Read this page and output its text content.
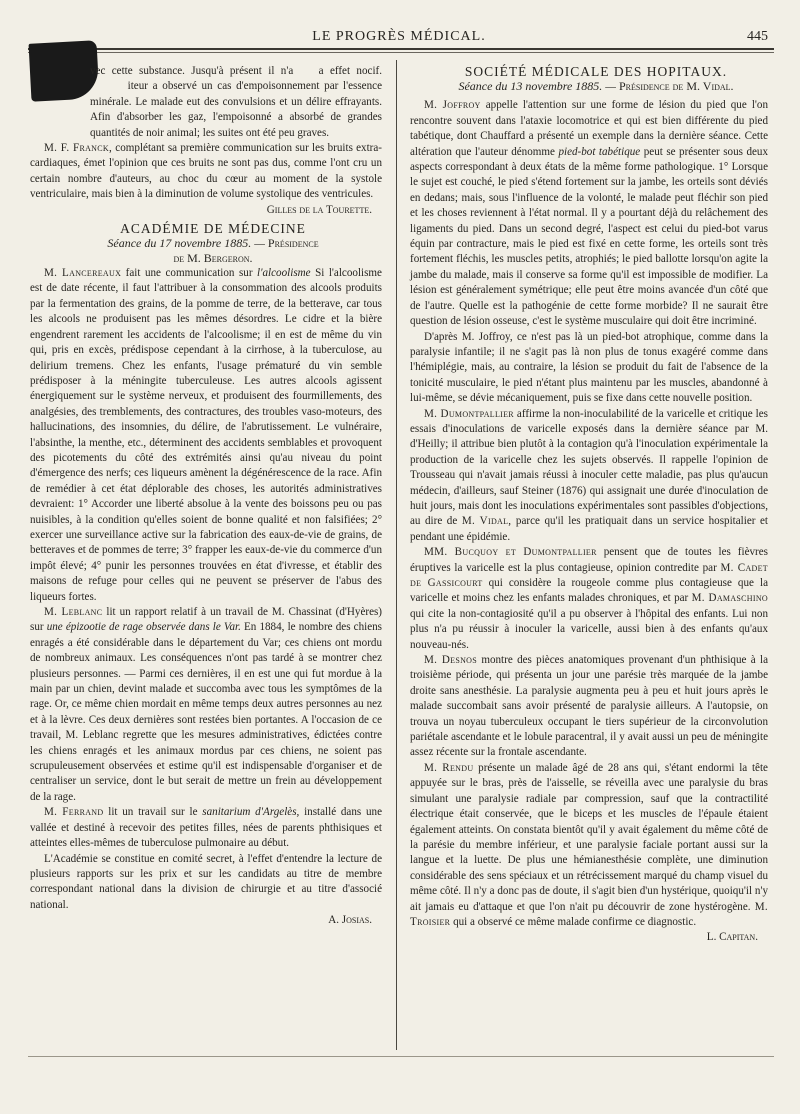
LE PROGRÈS MÉDICAL.	445

vec cette substance. Jusqu'à présent il n'a    a effet nocif.         iteur a observé un cas d'empoisonnement par l'essence minérale. Le malade eut des convulsions et un délire effrayants. Afin d'absorber les gaz, l'empoisonné a absorbé de grandes quantités de noir animal; les suites ont été peu graves.

M. F. Franck, complétant sa première communication sur les bruits extra-cardiaques, émet l'opinion que ces bruits ne sont pas dus, comme l'ont cru un certain nombre d'auteurs, au choc du cœur au moment de la systole ventriculaire, mais bien à la diminution de volume systolique des ventricules.
Gilles de la Tourette.

ACADÉMIE DE MÉDECINE

Séance du 17 novembre 1885. — Présidence

de M. Bergeron.

M. Lancereaux fait une communication sur l'alcoolisme Si l'alcoolisme est de date récente, il faut l'attribuer à la consommation des alcools produits par la fermentation des grains, de la pomme de terre, de la betterave, car tous les alcools ne produisent pas les mêmes désordres. Le cidre et la bière engendrent rarement les accidents de l'alcoolisme; il en est de même du vin qui, pris en excès, prédispose cependant à la cirrhose, à la tuberculose, au delirium tremens. Chez les enfants, l'usage prématuré du vin semble prédisposer à la méningite tuberculeuse. Les autres alcools agissent énergiquement sur le système nerveux, et produisent des fourmillements, des analgésies, des tremblements, des contractures, des troubles vaso-moteurs, des hallucinations, des insomnies, du délire, de l'abrutissement. Le vulnéraire, l'absinthe, la menthe, etc., déterminent des accidents semblables et provoquent des picotements du côté des extrémités ainsi qu'au niveau du point d'émergence des nerfs; ces liqueurs amènent la dégénérescence de la race. Afin de remédier à cet état déplorable des choses, les autorités administratives devraient: 1° Accorder une liberté absolue à la vente des boissons peu ou pas nuisibles, à la condition qu'elles soient de bonne qualité et non falsifiées; 2° exercer une surveillance active sur la fabrication des eaux-de-vie de grains, de betteraves et de pommes de terre; 3° frapper les eaux-de-vie du commerce d'un impôt élevé; 4° punir les personnes trouvées en état d'ivresse, et établir des maisons de refuge pour celles qui ne peuvent se préserver de l'abus des liqueurs fortes.

M. Leblanc lit un rapport relatif à un travail de M. Chassinat (d'Hyères) sur une épizootie de rage observée dans le Var. En 1884, le nombre des chiens enragés a été considérable dans le département du Var; ces chiens ont mordu de nombreux animaux. Les conséquences n'ont pas tardé à se montrer chez plusieurs personnes. — Parmi ces dernières, il en est une qui fut mordue à la main par un chien, devint malade et succomba avec tous les symptômes de la rage. Or, ce même chien mordait en même temps deux autres personnes au nez et à la lèvre. Ces deux dernières sont restées bien portantes. A l'occasion de ce travail, M. Leblanc regrette que les mesures administratives, édictées contre les chiens enragés et les animaux mordus par ces chiens, ne soient pas scrupuleusement observées et estime qu'il est indispensable d'organiser et de centraliser un service, dont le but serait de mettre un frein au développement de la rage.

M. Ferrand lit un travail sur le sanitarium d'Argelès, installé dans une vallée et destiné à recevoir des petites filles, nées de parents phthisiques et atteintes elles-mêmes de tuberculose pulmonaire au début.

L'Académie se constitue en comité secret, à l'effet d'entendre la lecture de plusieurs rapports sur les prix et sur les candidats au titre de membre correspondant national dans la division de chirurgie et au titre d'associé national.

A. Josias.

SOCIÉTÉ MÉDICALE DES HOPITAUX.

Séance du 13 novembre 1885. — Présidence de M. Vidal.

M. Joffroy appelle l'attention sur une forme de lésion du pied que l'on rencontre souvent dans l'ataxie locomotrice et qui est bien différente du pied tabétique, dont Chauffard a présenté un exemple dans la dernière séance. Cette altération que l'auteur dénomme pied-bot tabétique peut se présenter sous deux aspects correspondant à deux états de la même forme pathologique. 1° Lorsque le sujet est couché, le pied s'étend fortement sur la jambe, les orteils sont déviés en dedans; mais, sous l'influence de la volonté, le malade peut fléchir son pied et les choses reviennent à l'état normal. Il y a pourtant déjà du relâchement des ligaments du pied. Dans un second degré, l'aspect est celui du pied-bot varus équin par contracture, mais le pied est fixé en cette forme, les orteils sont très fortement fléchis, les muscles petits, atrophiés; le pied ballotte lorsqu'on agite la jambe du malade, mais il conserve sa forme qu'il est impossible de modifier. La lésion est généralement symétrique; elle peut être moins avancée d'un côté que de l'autre. Quelle est la pathogénie de cette forme morbide? Il ne saurait être question de lésion osseuse, c'est le système musculaire qui doit être incriminé.

D'après M. Joffroy, ce n'est pas là un pied-bot atrophique, comme dans la paralysie infantile; il ne s'agit pas là non plus de tonus exagéré comme dans l'hémiplégie, mais, au contraire, la lésion se produit du fait de l'absence de la tonicité musculaire, le pied n'étant plus maintenu par les muscles, abandonné à lui-même, se dévie mécaniquement, puis se fixe dans cette nouvelle position.

M. Dumontpallier affirme la non-inoculabilité de la varicelle et critique les essais d'inoculations de varicelle exposés dans la dernière séance par M. d'Heilly; il attribue bien plutôt à la contagion qu'à l'inoculation expérimentale la production de la varicelle chez les sujets observés. Il rappelle l'opinion de Trousseau qui n'avait jamais réussi à inoculer cette maladie, pas plus qu'aucun médecin, d'ailleurs, sauf Steiner (1876) qui assignait une durée d'inoculation de huit jours, mais dont les inoculations expérimentales sont passibles d'objections, au dire de M. Vidal, parce qu'il les pratiquait dans un service hospitalier et pendant une épidémie.

MM. Bucquoy et Dumontpallier pensent que de toutes les fièvres éruptives la varicelle est la plus contagieuse, opinion contredite par M. Cadet de Gassicourt qui considère la rougeole comme plus contagieuse que la varicelle et moins chez les enfants malades chroniques, et par M. Damaschino qui cite la non-contagiosité qu'il a pu observer à l'hôpital des enfants. Lui non plus n'a pu réussir à inoculer la varicelle, aussi bien à des enfants qu'aux nouveau-nés.

M. Desnos montre des pièces anatomiques provenant d'un phthisique à la troisième période, qui présenta un jour une parésie très marquée de la jambe droite sans anesthésie. La paralysie augmenta peu à peu et huit jours après le malade succombait sans avoir présenté de paralysie ailleurs. A l'autopsie, on trouva un noyau tuberculeux occupant le tiers supérieur de la circonvolution pariétale ascendante et le lobule paracentral, il y avait aussi un peu de méningite assez récente sur la frontale ascendante.

M. Rendu présente un malade âgé de 28 ans qui, s'étant endormi la tête appuyée sur le bras, près de l'aisselle, se réveilla avec une paralysie du bras simulant une paralysie radiale par compression, sauf que la contractilité électrique était conservée, que le biceps et les muscles de l'épaule étaient également atteints. On constata bientôt qu'il y avait également du même côté de la parésie du membre inférieur, et une paralysie faciale portant aussi sur la langue et la luette. De plus une hémianesthésie complète, une diminution considérable des sens spéciaux et un rétrécissement marqué du champ visuel du même côté. Il n'y a donc pas de doute, il s'agit bien d'un hystérique, quoiqu'il n'y ait jamais eu d'attaque et que l'on n'ait pu découvrir de zone hystérogène. M. Troisier qui a observé ce même malade confirme ce diagnostic.

L. Capitan.
